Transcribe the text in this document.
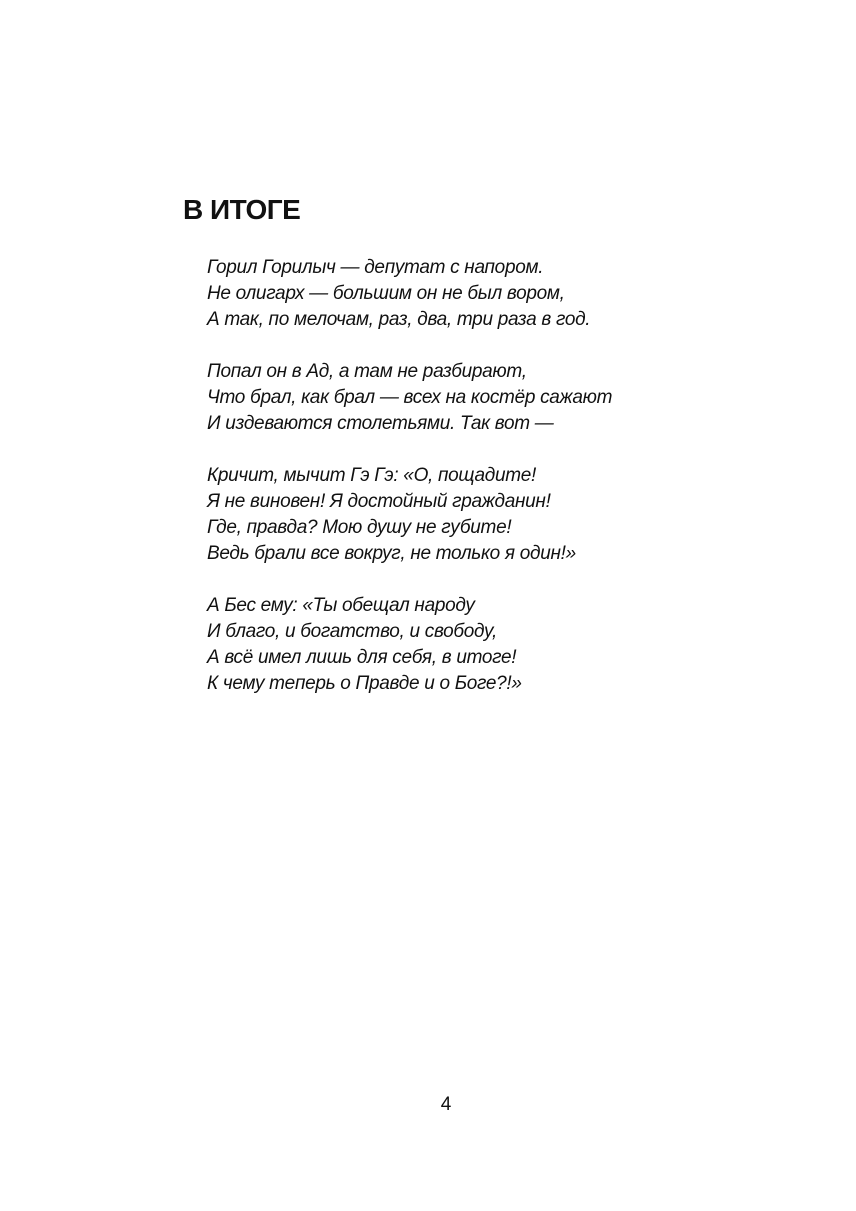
В ИТОГЕ
Горил Горилыч — депутат с напором.
Не олигарх — большим он не был вором,
А так, по мелочам, раз, два, три раза в год.
Попал он в Ад, а там не разбирают,
Что брал, как брал — всех на костёр сажают
И издеваются столетьями. Так вот —
Кричит, мычит Гэ Гэ: «О, пощадите!
Я не виновен! Я достойный гражданин!
Где, правда? Мою душу не губите!
Ведь брали все вокруг, не только я один!»
А Бес ему: «Ты обещал народу
И благо, и богатство, и свободу,
А всё имел лишь для себя, в итоге!
К чему теперь о Правде и о Боге?!»
4
